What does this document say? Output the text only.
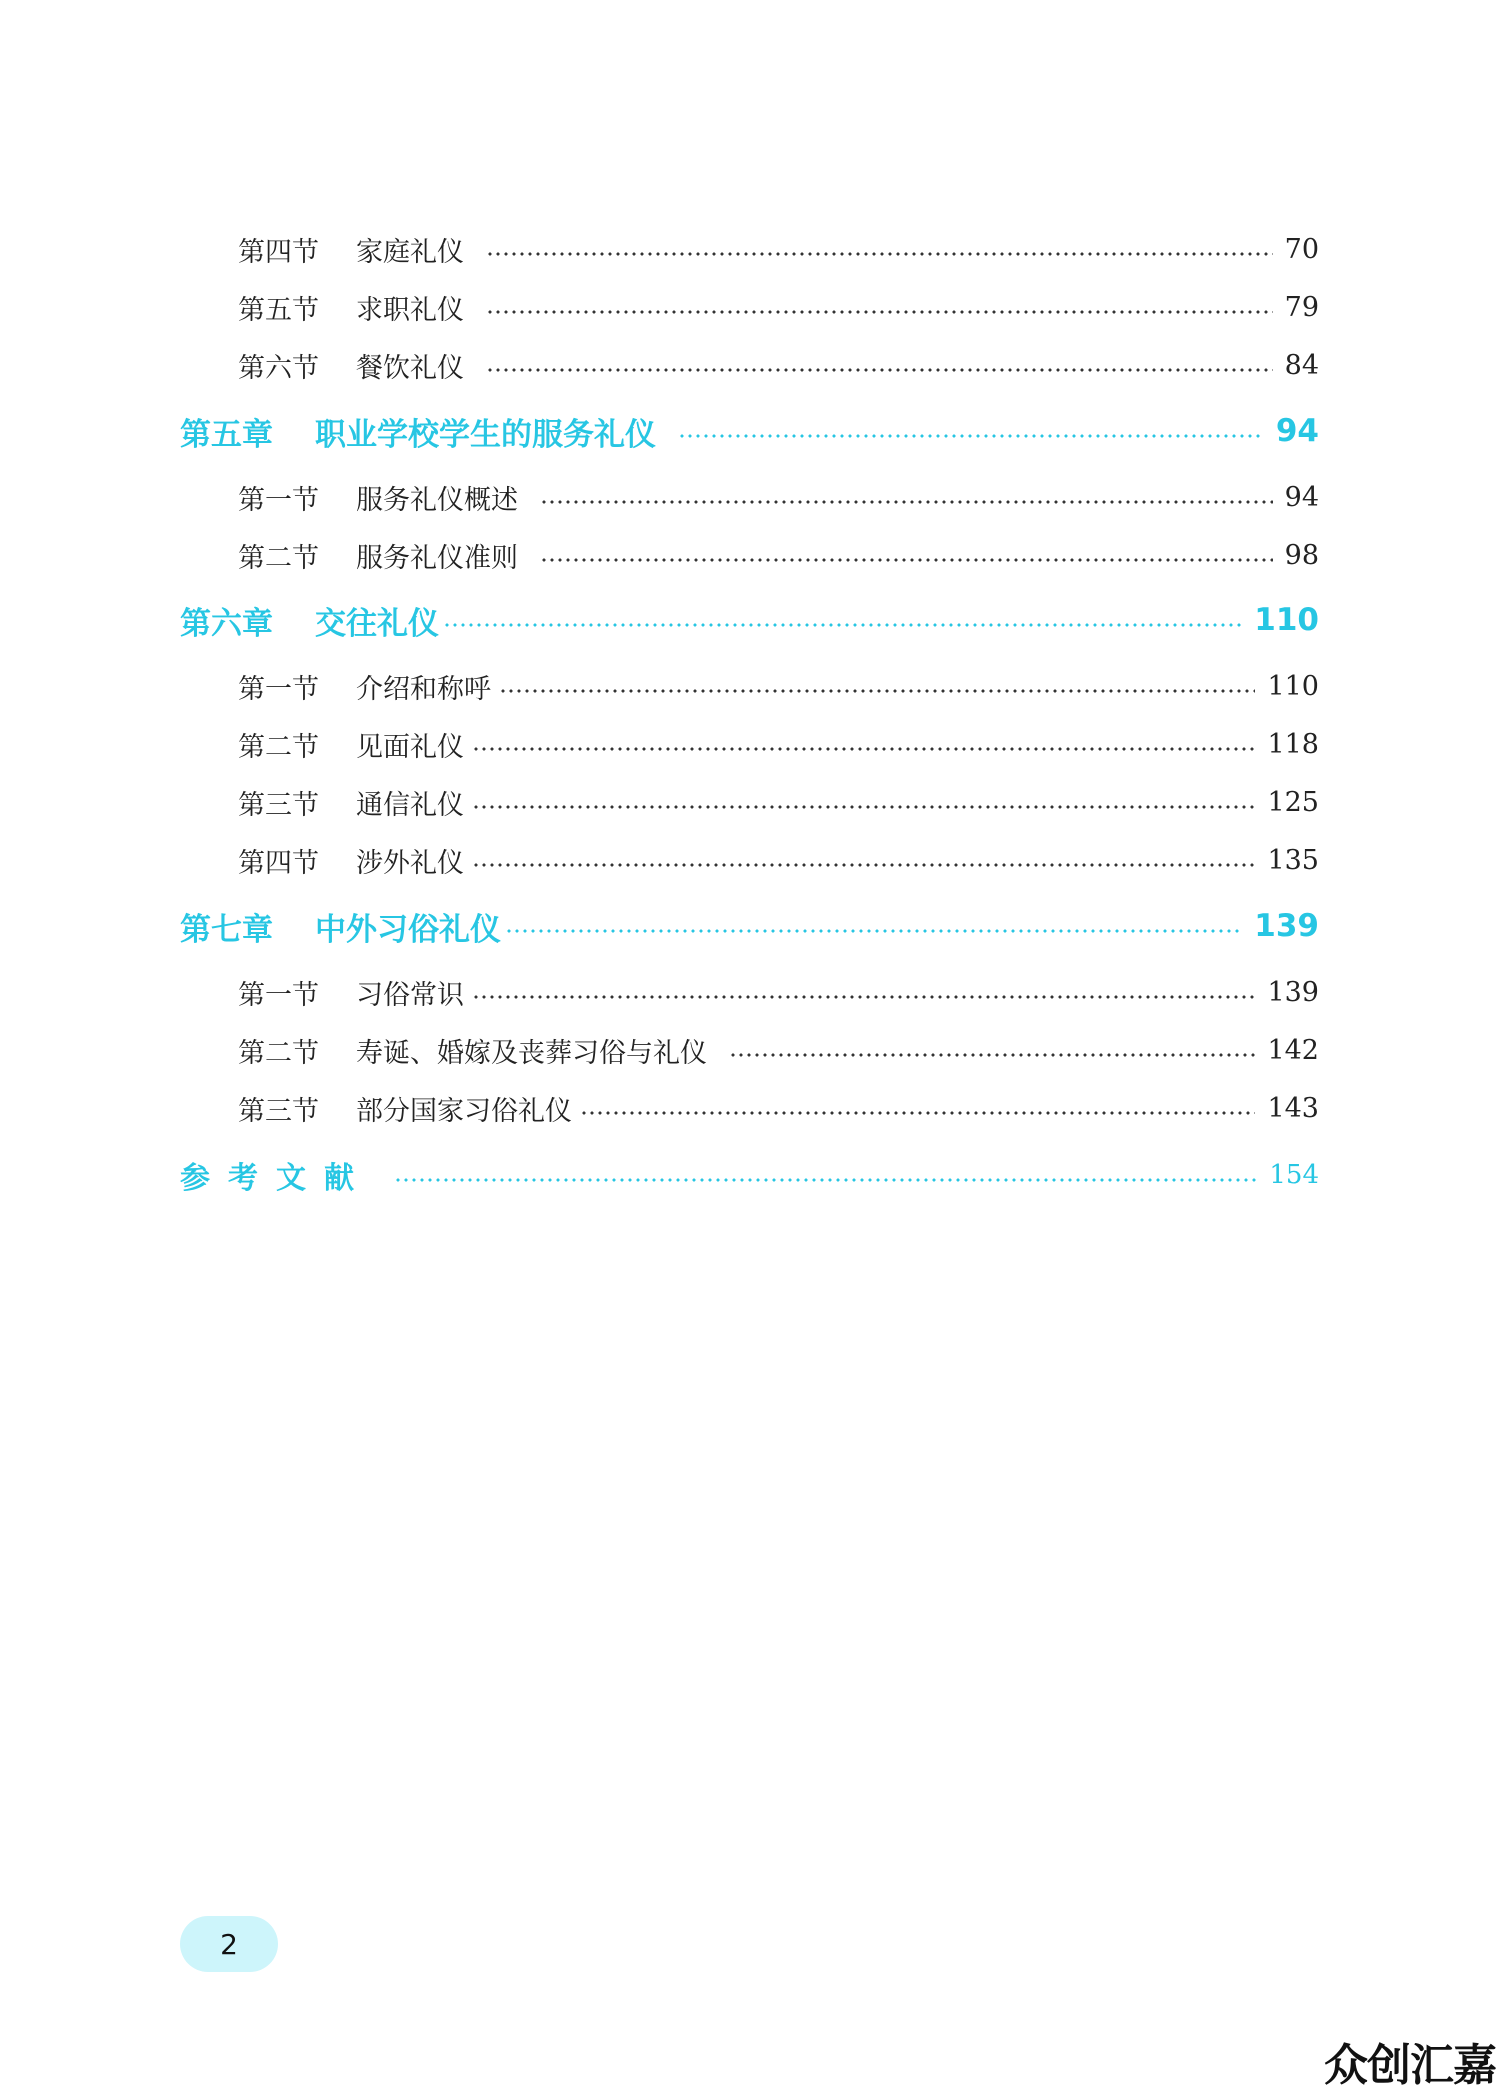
第四节	家庭礼仪	70
第五节	求职礼仪	79
第六节	餐饮礼仪	84
第五章	职业学校学生的服务礼仪	94
第一节	服务礼仪概述	94
第二节	服务礼仪准则	98
第六章	交往礼仪	110
第一节	介绍和称呼	110
第二节	见面礼仪	118
第三节	通信礼仪	125
第四节	涉外礼仪	135
第七章	中外习俗礼仪	139
第一节	习俗常识	139
第二节	寿诞、婚嫁及丧葬习俗与礼仪	142
第三节	部分国家习俗礼仪	143
参考文献	154
2
众创汇嘉
